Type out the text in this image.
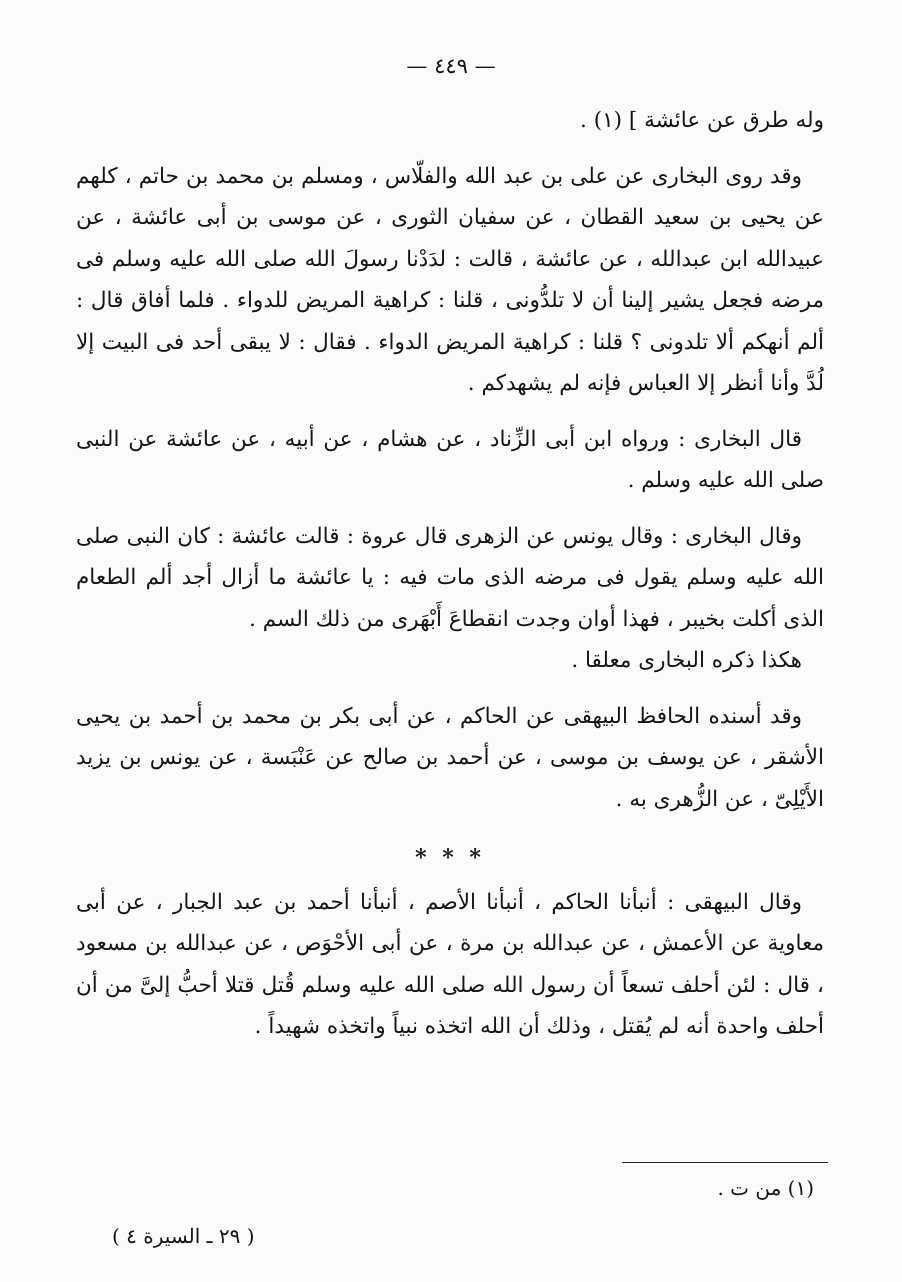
— ٤٤٩ —

وله طرق عن عائشة ] (١) .

وقد روى البخارى عن على بن عبد الله والفلّاس ، ومسلم بن محمد بن حاتم ، كلهم عن يحيى بن سعيد القطان ، عن سفيان الثورى ، عن موسى بن أبى عائشة ، عن عبيدالله ابن عبدالله ، عن عائشة ، قالت : لدَدْنا رسولَ الله صلى الله عليه وسلم فى مرضه فجعل يشير إلينا أن لا تلدُّونى ، قلنا : كراهية المريض للدواء . فلما أفاق قال : ألم أنهكم ألا تلدونى ؟ قلنا : كراهية المريض الدواء . فقال : لا يبقى أحد فى البيت إلا لُدَّ وأنا أنظر إلا العباس فإنه لم يشهدكم .

قال البخارى : ورواه ابن أبى الزِّناد ، عن هشام ، عن أبيه ، عن عائشة عن النبى صلى الله عليه وسلم .

وقال البخارى : وقال يونس عن الزهرى قال عروة : قالت عائشة : كان النبى صلى الله عليه وسلم يقول فى مرضه الذى مات فيه : يا عائشة ما أزال أجد ألم الطعام الذى أكلت بخيبر ، فهذا أوان وجدت انقطاعَ أَبْهَرى من ذلك السم .

هكذا ذكره البخارى معلقا .

وقد أسنده الحافظ البيهقى عن الحاكم ، عن أبى بكر بن محمد بن أحمد بن يحيى الأشقر ، عن يوسف بن موسى ، عن أحمد بن صالح عن عَنْبَسة ، عن يونس بن يزيد الأَيْلِىّ ، عن الزُّهرى به .

* * *

وقال البيهقى : أنبأنا الحاكم ، أنبأنا الأصم ، أنبأنا أحمد بن عبد الجبار ، عن أبى معاوية عن الأعمش ، عن عبدالله بن مرة ، عن أبى الأحْوَص ، عن عبدالله بن مسعود ، قال : لئن أحلف تسعاً أن رسول الله صلى الله عليه وسلم قُتل قتلا أحبُّ إلىَّ من أن أحلف واحدة أنه لم يُقتل ، وذلك أن الله اتخذه نبياً واتخذه شهيداً .

(١) من ت .
( ٢٩ ـ السيرة ٤ )
